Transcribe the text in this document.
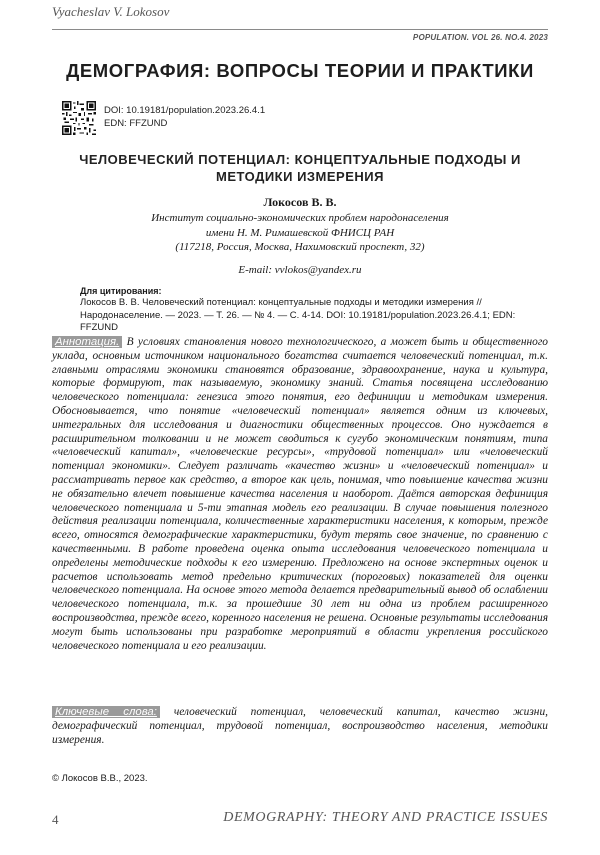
Vyacheslav V. Lokosov
POPULATION. VOL 26. NO.4. 2023
ДЕМОГРАФИЯ: ВОПРОСЫ ТЕОРИИ И ПРАКТИКИ
DOI: 10.19181/population.2023.26.4.1
EDN: FFZUND
ЧЕЛОВЕЧЕСКИЙ ПОТЕНЦИАЛ: КОНЦЕПТУАЛЬНЫЕ ПОДХОДЫ И МЕТОДИКИ ИЗМЕРЕНИЯ
Локосов В. В.
Институт социально-экономических проблем народонаселения
имени Н. М. Римашевской ФНИСЦ РАН
(117218, Россия, Москва, Нахимовский проспект, 32)
E-mail: vvlokos@yandex.ru
Для цитирования:
Локосов В. В. Человеческий потенциал: концептуальные подходы и методики измерения // Народонаселение. — 2023. — Т. 26. — № 4. — С. 4-14. DOI: 10.19181/population.2023.26.4.1; EDN: FFZUND
Аннотация. В условиях становления нового технологического, а может быть и общественного уклада, основным источником национального богатства считается человеческий потенциал, т.к. главными отраслями экономики становятся образование, здравоохранение, наука и культура, которые формируют, так называемую, экономику знаний. Статья посвящена исследованию человеческого потенциала: генезиса этого понятия, его дефиниции и методикам измерения. Обосновывается, что понятие «человеческий потенциал» является одним из ключевых, интегральных для исследования и диагностики общественных процессов. Оно нуждается в расширительном толковании и не может сводиться к сугубо экономическим понятиям, типа «человеческий капитал», «человеческие ресурсы», «трудовой потенциал» или «человеческий потенциал экономики». Следует различать «качество жизни» и «человеческий потенциал» и рассматривать первое как средство, а второе как цель, понимая, что повышение качества жизни не обязательно влечет повышение качества населения и наоборот. Даётся авторская дефиниция человеческого потенциала и 5-ти этапная модель его реализации. В случае повышения полезного действия реализации потенциала, количественные характеристики населения, к которым, прежде всего, относятся демографические характеристики, будут терять свое значение, по сравнению с качественными. В работе проведена оценка опыта исследования человеческого потенциала и определены методические подходы к его измерению. Предложено на основе экспертных оценок и расчетов использовать метод предельно критических (пороговых) показателей для оценки человеческого потенциала. На основе этого метода делается предварительный вывод об ослаблении человеческого потенциала, т.к. за прошедшие 30 лет ни одна из проблем расширенного воспроизводства, прежде всего, коренного населения не решена. Основные результаты исследования могут быть использованы при разработке мероприятий в области укрепления российского человеческого потенциала и его реализации.
Ключевые слова: человеческий потенциал, человеческий капитал, качество жизни, демографический потенциал, трудовой потенциал, воспроизводство населения, методики измерения.
© Локосов В.В., 2023.
4	DEMOGRAPHY: THEORY AND PRACTICE ISSUES
